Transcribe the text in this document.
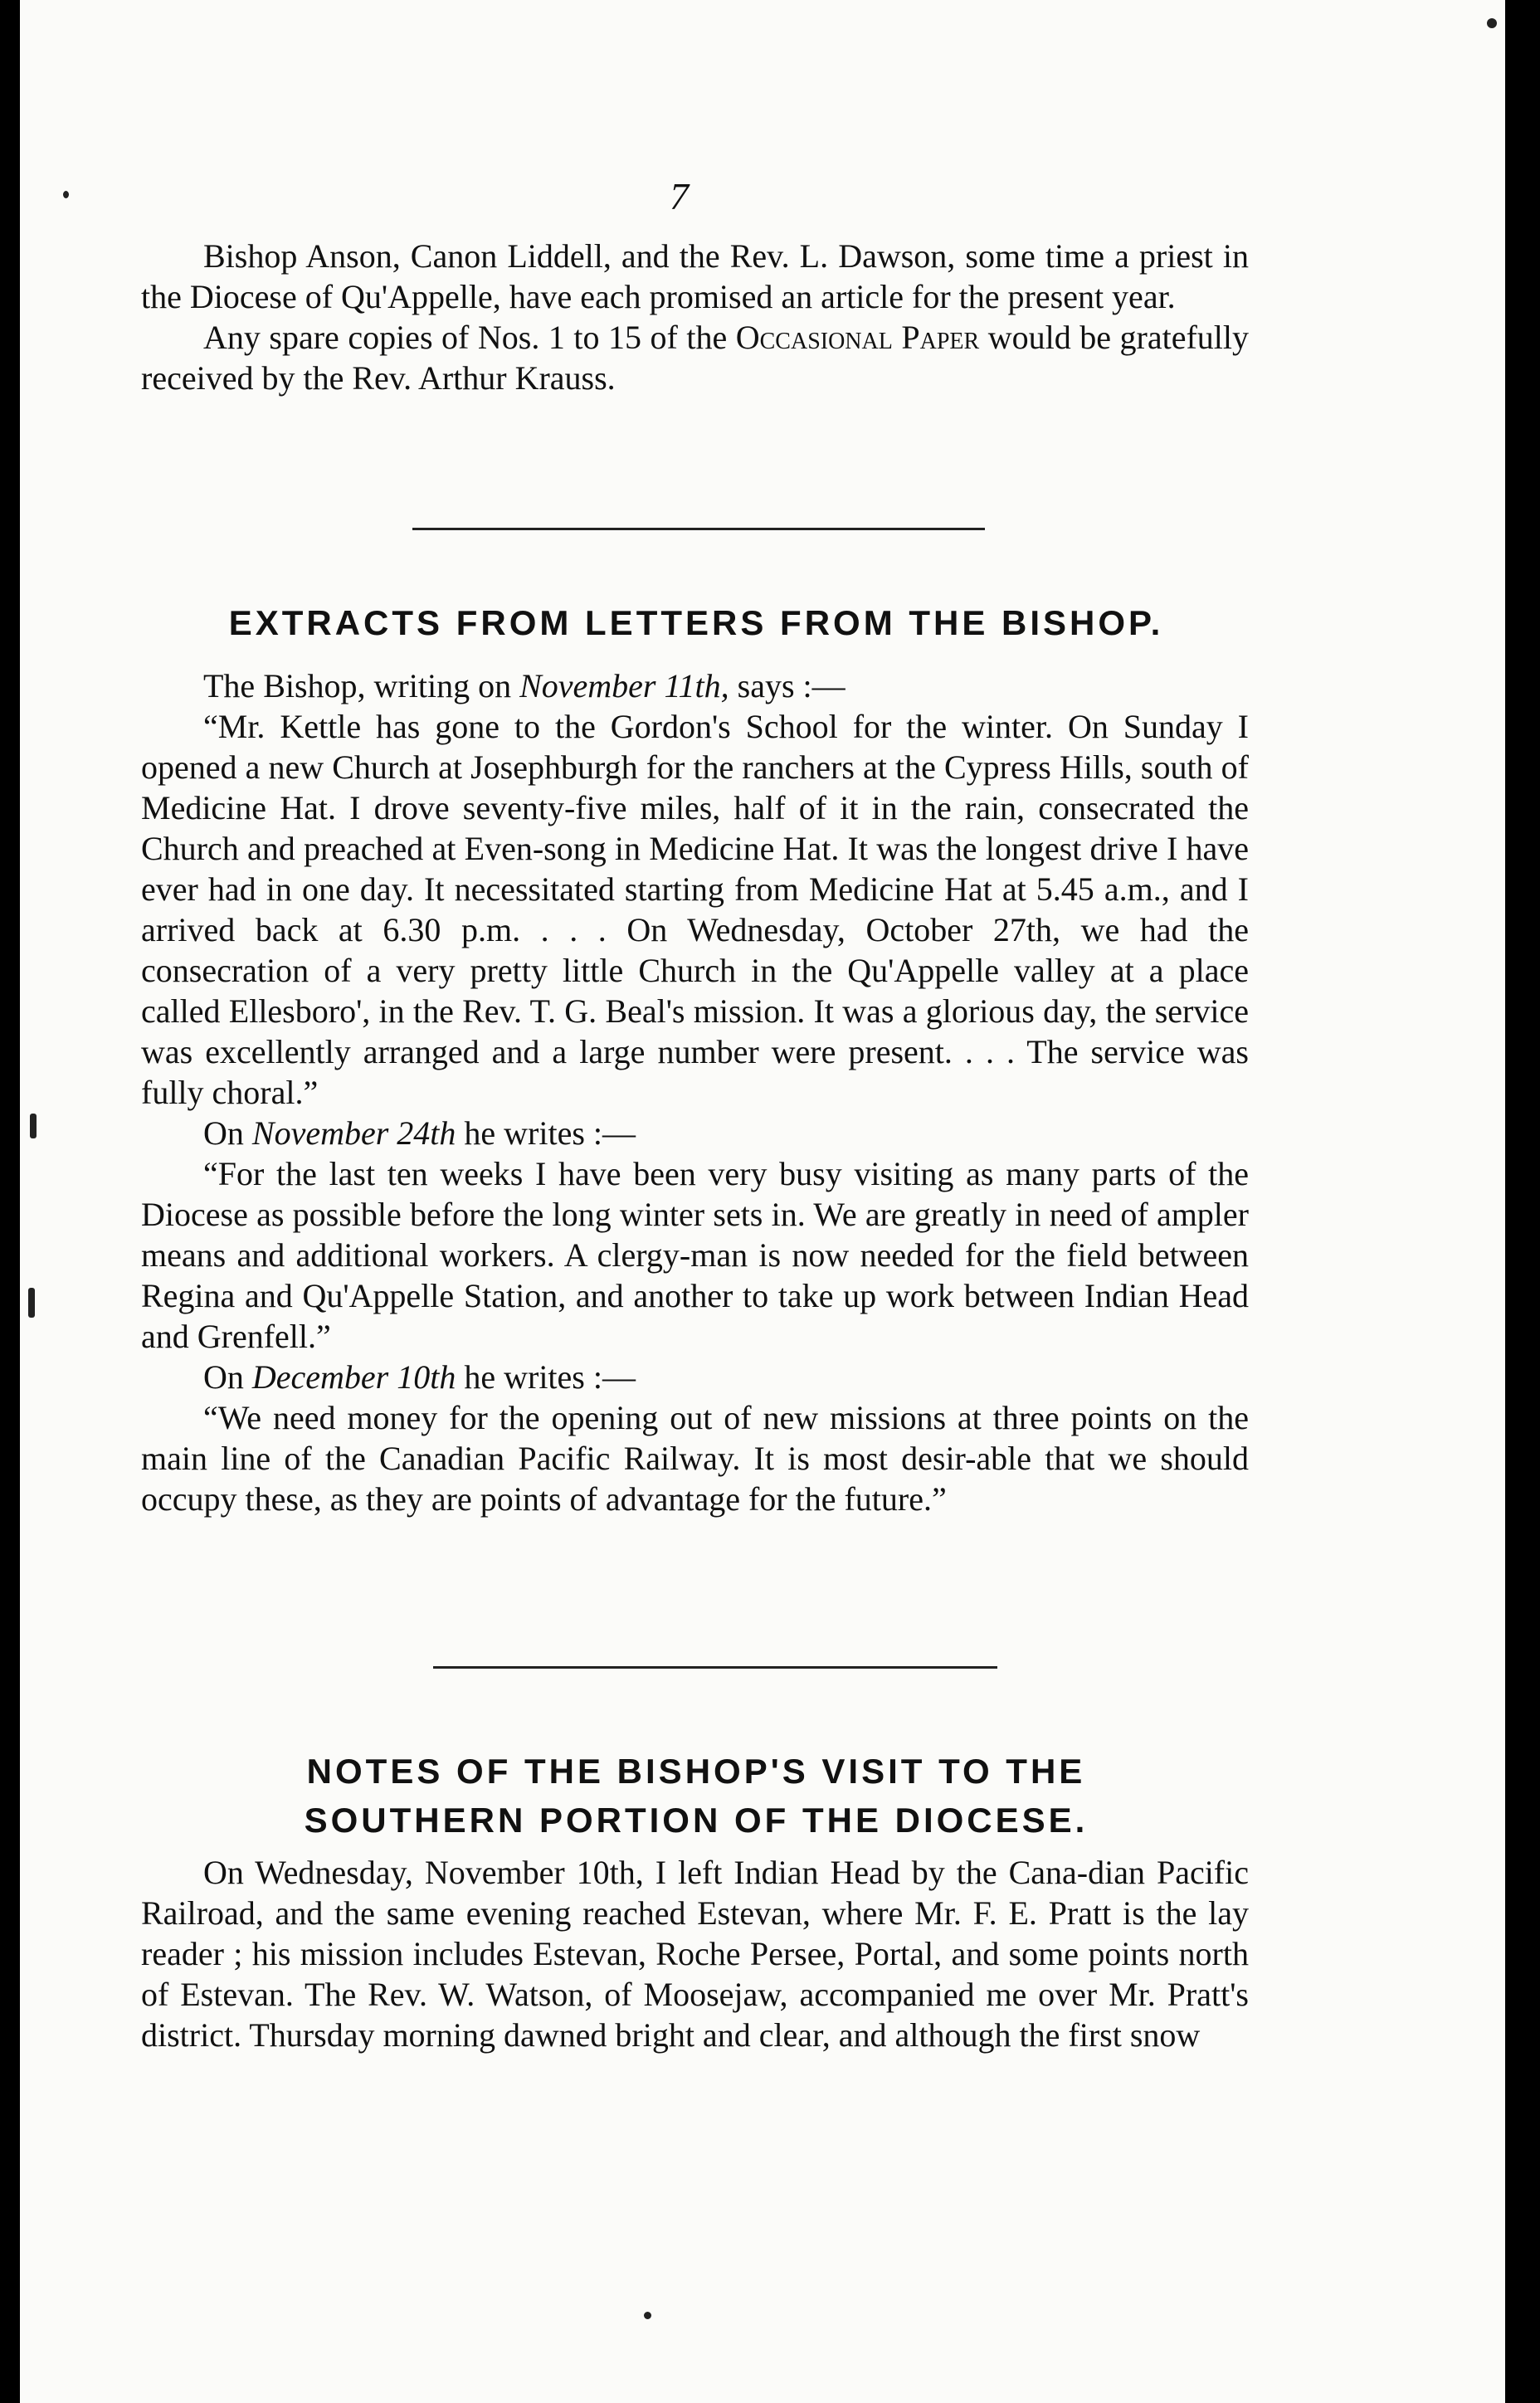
7

Bishop Anson, Canon Liddell, and the Rev. L. Dawson, some time a priest in the Diocese of Qu'Appelle, have each promised an article for the present year.

Any spare copies of Nos. 1 to 15 of the Occasional Paper would be gratefully received by the Rev. Arthur Krauss.

EXTRACTS FROM LETTERS FROM THE BISHOP.

The Bishop, writing on November 11th, says :—

“Mr. Kettle has gone to the Gordon's School for the winter. On Sunday I opened a new Church at Josephburgh for the ranchers at the Cypress Hills, south of Medicine Hat. I drove seventy-five miles, half of it in the rain, consecrated the Church and preached at Even-song in Medicine Hat. It was the longest drive I have ever had in one day. It necessitated starting from Medicine Hat at 5.45 a.m., and I arrived back at 6.30 p.m. . . . On Wednesday, October 27th, we had the consecration of a very pretty little Church in the Qu'Appelle valley at a place called Ellesboro', in the Rev. T. G. Beal's mission. It was a glorious day, the service was excellently arranged and a large number were present. . . . The service was fully choral.”

On November 24th he writes :—

“For the last ten weeks I have been very busy visiting as many parts of the Diocese as possible before the long winter sets in. We are greatly in need of ampler means and additional workers. A clergy-man is now needed for the field between Regina and Qu'Appelle Station, and another to take up work between Indian Head and Grenfell.”

On December 10th he writes :—

“We need money for the opening out of new missions at three points on the main line of the Canadian Pacific Railway. It is most desir-able that we should occupy these, as they are points of advantage for the future.”

NOTES OF THE BISHOP'S VISIT TO THE
SOUTHERN PORTION OF THE DIOCESE.

On Wednesday, November 10th, I left Indian Head by the Cana-dian Pacific Railroad, and the same evening reached Estevan, where Mr. F. E. Pratt is the lay reader ; his mission includes Estevan, Roche Persee, Portal, and some points north of Estevan. The Rev. W. Watson, of Moosejaw, accompanied me over Mr. Pratt's district. Thursday morning dawned bright and clear, and although the first snow
